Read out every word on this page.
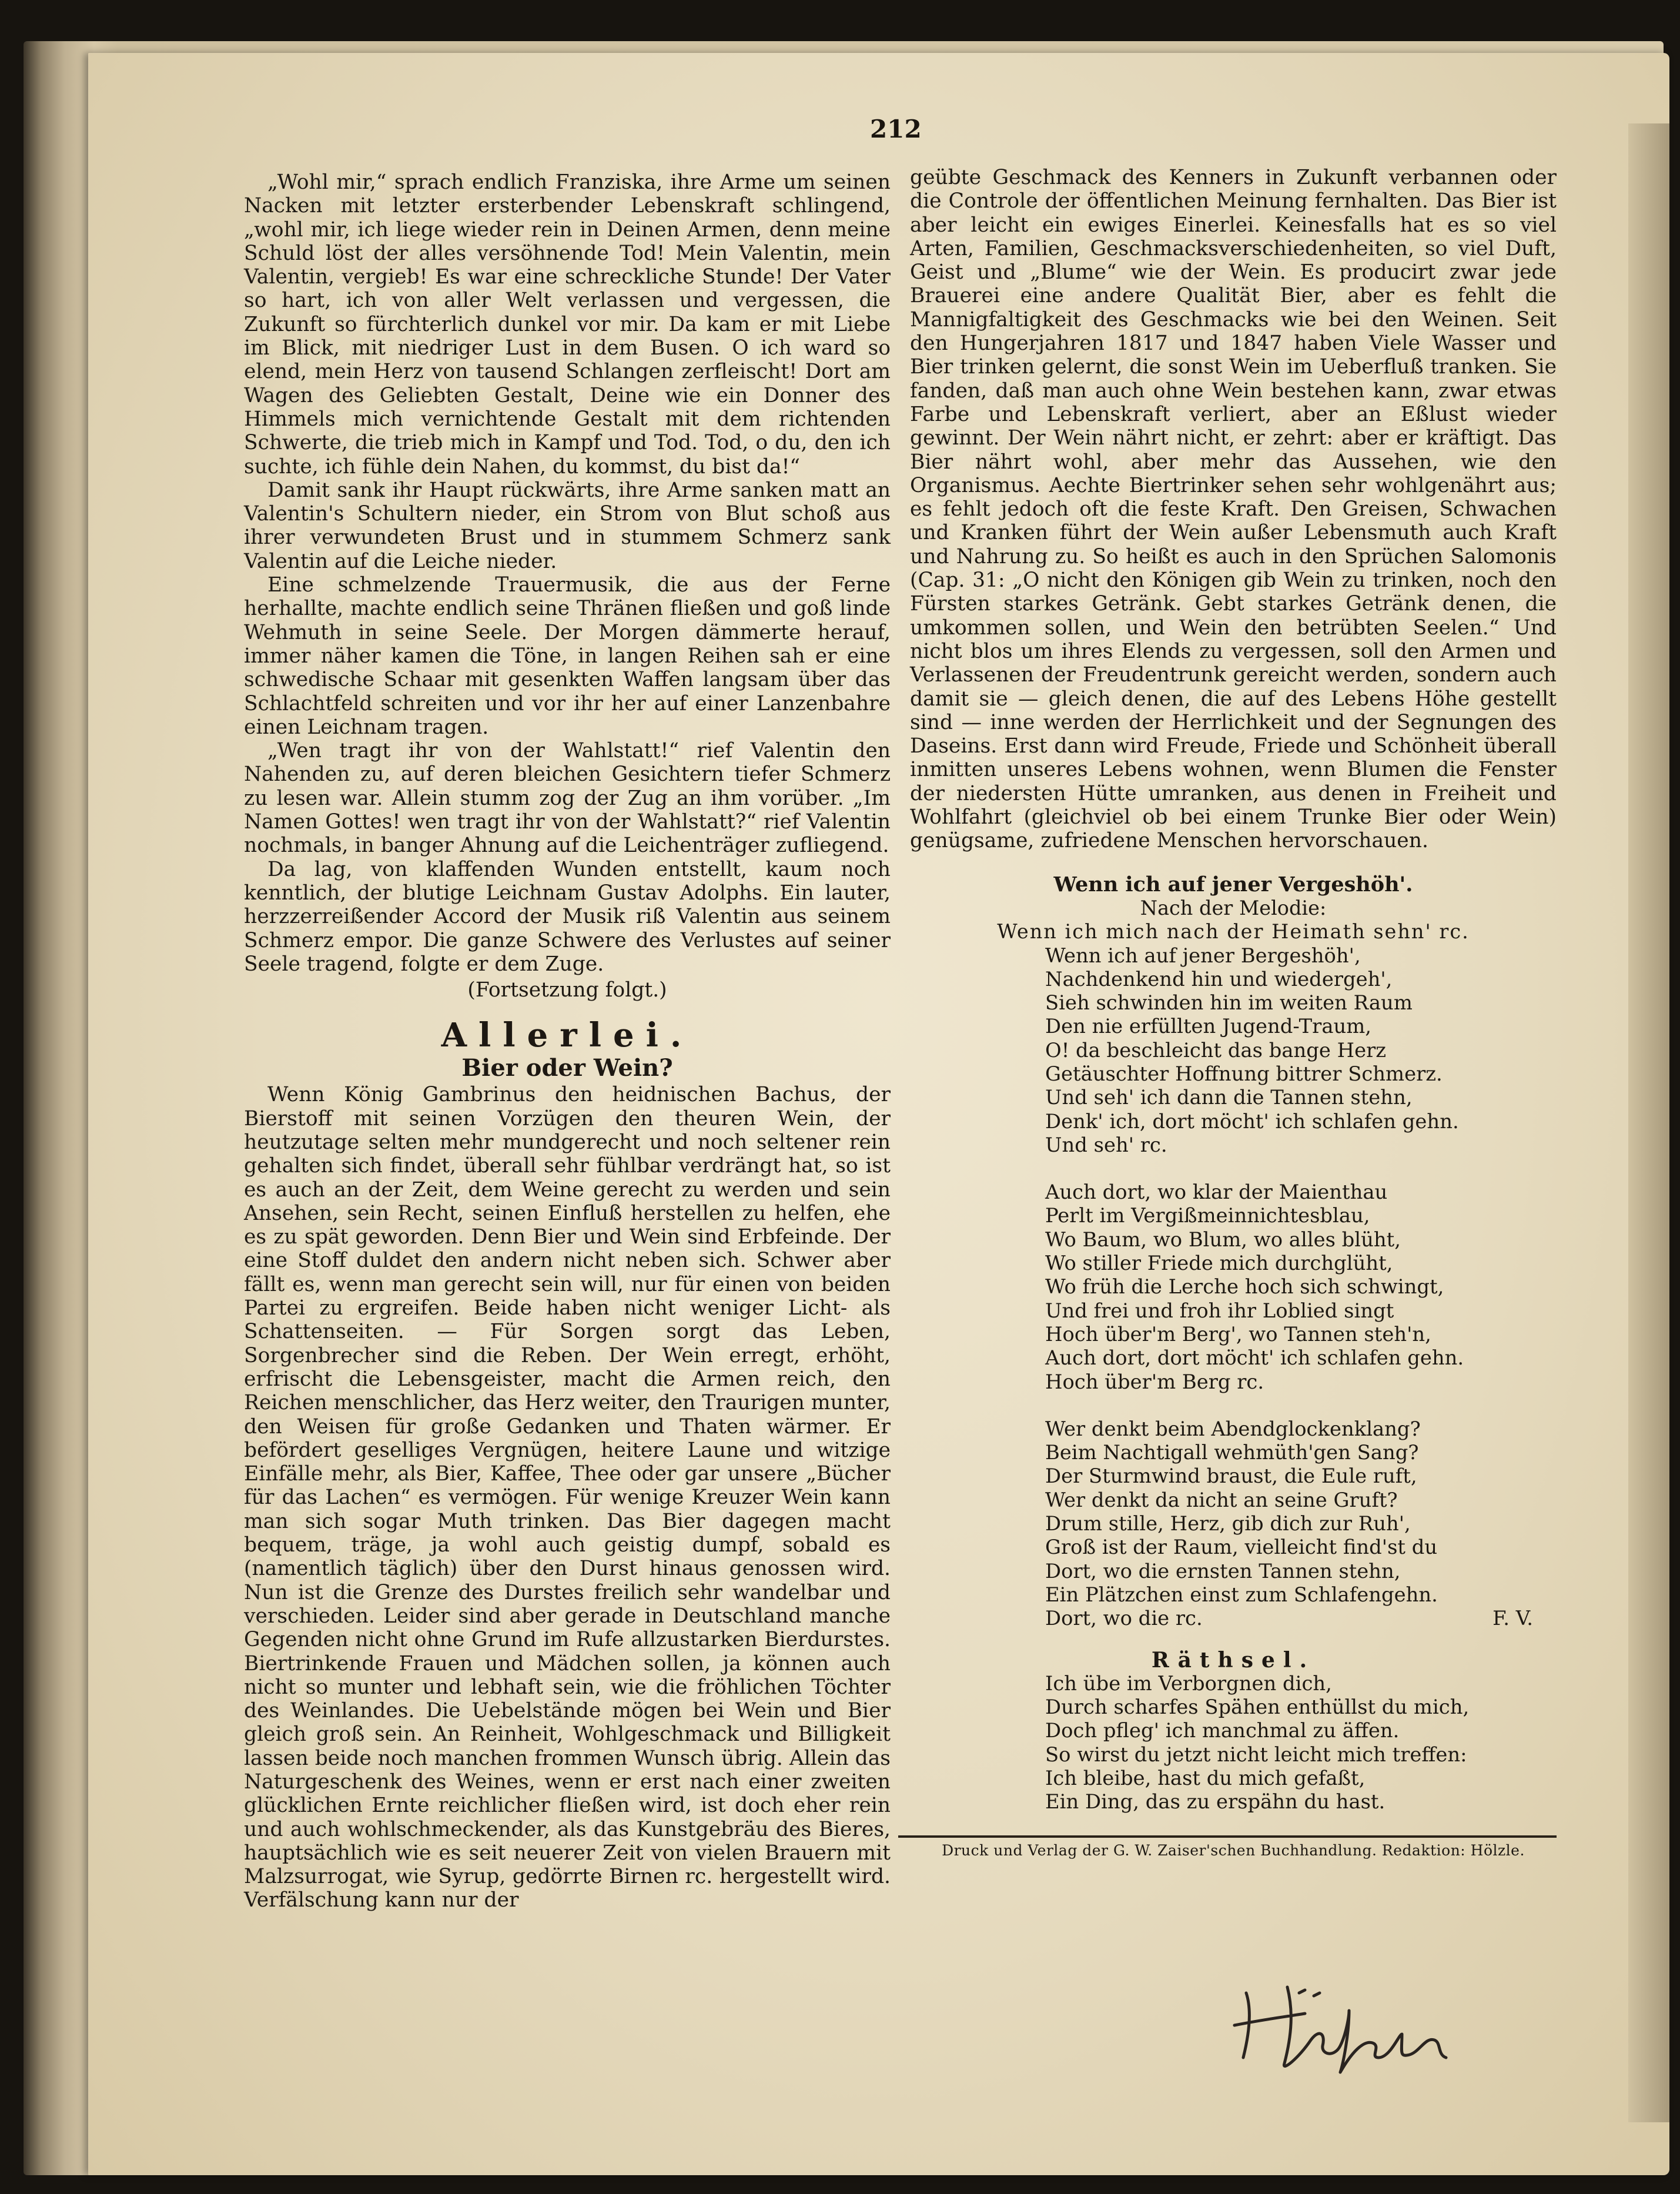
212

„Wohl mir,“ sprach endlich Franziska, ihre Arme um seinen Nacken mit letzter ersterbender Lebenskraft schlingend, „wohl mir, ich liege wieder rein in Deinen Armen, denn meine Schuld löst der alles versöhnende Tod! Mein Valentin, mein Valentin, vergieb! Es war eine schreckliche Stunde! Der Vater so hart, ich von aller Welt verlassen und vergessen, die Zukunft so fürchterlich dunkel vor mir. Da kam er mit Liebe im Blick, mit niedriger Lust in dem Busen. O ich ward so elend, mein Herz von tausend Schlangen zerfleischt! Dort am Wagen des Geliebten Gestalt, Deine wie ein Donner des Himmels mich vernichtende Gestalt mit dem richtenden Schwerte, die trieb mich in Kampf und Tod. Tod, o du, den ich suchte, ich fühle dein Nahen, du kommst, du bist da!“

Damit sank ihr Haupt rückwärts, ihre Arme sanken matt an Valentin's Schultern nieder, ein Strom von Blut schoß aus ihrer verwundeten Brust und in stummem Schmerz sank Valentin auf die Leiche nieder.

Eine schmelzende Trauermusik, die aus der Ferne herhallte, machte endlich seine Thränen fließen und goß linde Wehmuth in seine Seele. Der Morgen dämmerte herauf, immer näher kamen die Töne, in langen Reihen sah er eine schwedische Schaar mit gesenkten Waffen langsam über das Schlachtfeld schreiten und vor ihr her auf einer Lanzenbahre einen Leichnam tragen.

„Wen tragt ihr von der Wahlstatt!“ rief Valentin den Nahenden zu, auf deren bleichen Gesichtern tiefer Schmerz zu lesen war. Allein stumm zog der Zug an ihm vorüber. „Im Namen Gottes! wen tragt ihr von der Wahlstatt?“ rief Valentin nochmals, in banger Ahnung auf die Leichenträger zufliegend.

Da lag, von klaffenden Wunden entstellt, kaum noch kenntlich, der blutige Leichnam Gustav Adolphs. Ein lauter, herzzerreißender Accord der Musik riß Valentin aus seinem Schmerz empor. Die ganze Schwere des Verlustes auf seiner Seele tragend, folgte er dem Zuge.

(Fortsetzung folgt.)

Allerlei.
Bier oder Wein?

Wenn König Gambrinus den heidnischen Bachus, der Bierstoff mit seinen Vorzügen den theuren Wein, der heutzutage selten mehr mundgerecht und noch seltener rein gehalten sich findet, überall sehr fühlbar verdrängt hat, so ist es auch an der Zeit, dem Weine gerecht zu werden und sein Ansehen, sein Recht, seinen Einfluß herstellen zu helfen, ehe es zu spät geworden. Denn Bier und Wein sind Erbfeinde. Der eine Stoff duldet den andern nicht neben sich. Schwer aber fällt es, wenn man gerecht sein will, nur für einen von beiden Partei zu ergreifen. Beide haben nicht weniger Licht- als Schattenseiten. — Für Sorgen sorgt das Leben, Sorgenbrecher sind die Reben. Der Wein erregt, erhöht, erfrischt die Lebensgeister, macht die Armen reich, den Reichen menschlicher, das Herz weiter, den Traurigen munter, den Weisen für große Gedanken und Thaten wärmer. Er befördert geselliges Vergnügen, heitere Laune und witzige Einfälle mehr, als Bier, Kaffee, Thee oder gar unsere „Bücher für das Lachen“ es vermögen. Für wenige Kreuzer Wein kann man sich sogar Muth trinken. Das Bier dagegen macht bequem, träge, ja wohl auch geistig dumpf, sobald es (namentlich täglich) über den Durst hinaus genossen wird. Nun ist die Grenze des Durstes freilich sehr wandelbar und verschieden. Leider sind aber gerade in Deutschland manche Gegenden nicht ohne Grund im Rufe allzustarken Bierdurstes. Biertrinkende Frauen und Mädchen sollen, ja können auch nicht so munter und lebhaft sein, wie die fröhlichen Töchter des Weinlandes. Die Uebelstände mögen bei Wein und Bier gleich groß sein. An Reinheit, Wohlgeschmack und Billigkeit lassen beide noch manchen frommen Wunsch übrig. Allein das Naturgeschenk des Weines, wenn er erst nach einer zweiten glücklichen Ernte reichlicher fließen wird, ist doch eher rein und auch wohlschmeckender, als das Kunstgebräu des Bieres, hauptsächlich wie es seit neuerer Zeit von vielen Brauern mit Malzsurrogat, wie Syrup, gedörrte Birnen rc. hergestellt wird. Verfälschung kann nur der

geübte Geschmack des Kenners in Zukunft verbannen oder die Controle der öffentlichen Meinung fernhalten. Das Bier ist aber leicht ein ewiges Einerlei. Keinesfalls hat es so viel Arten, Familien, Geschmacksverschiedenheiten, so viel Duft, Geist und „Blume“ wie der Wein. Es producirt zwar jede Brauerei eine andere Qualität Bier, aber es fehlt die Mannigfaltigkeit des Geschmacks wie bei den Weinen. Seit den Hungerjahren 1817 und 1847 haben Viele Wasser und Bier trinken gelernt, die sonst Wein im Ueberfluß tranken. Sie fanden, daß man auch ohne Wein bestehen kann, zwar etwas Farbe und Lebenskraft verliert, aber an Eßlust wieder gewinnt. Der Wein nährt nicht, er zehrt: aber er kräftigt. Das Bier nährt wohl, aber mehr das Aussehen, wie den Organismus. Aechte Biertrinker sehen sehr wohlgenährt aus; es fehlt jedoch oft die feste Kraft. Den Greisen, Schwachen und Kranken führt der Wein außer Lebensmuth auch Kraft und Nahrung zu. So heißt es auch in den Sprüchen Salomonis (Cap. 31: „O nicht den Königen gib Wein zu trinken, noch den Fürsten starkes Getränk. Gebt starkes Getränk denen, die umkommen sollen, und Wein den betrübten Seelen.“ Und nicht blos um ihres Elends zu vergessen, soll den Armen und Verlassenen der Freudentrunk gereicht werden, sondern auch damit sie — gleich denen, die auf des Lebens Höhe gestellt sind — inne werden der Herrlichkeit und der Segnungen des Daseins. Erst dann wird Freude, Friede und Schönheit überall inmitten unseres Lebens wohnen, wenn Blumen die Fenster der niedersten Hütte umranken, aus denen in Freiheit und Wohlfahrt (gleichviel ob bei einem Trunke Bier oder Wein) genügsame, zufriedene Menschen hervorschauen.

Wenn ich auf jener Vergeshöh'.
Nach der Melodie:
Wenn ich mich nach der Heimath sehn' rc.
Wenn ich auf jener Bergeshöh',
Nachdenkend hin und wiedergeh',
Sieh schwinden hin im weiten Raum
Den nie erfüllten Jugend-Traum,
O! da beschleicht das bange Herz
Getäuschter Hoffnung bittrer Schmerz.
Und seh' ich dann die Tannen stehn,
Denk' ich, dort möcht' ich schlafen gehn.
Und seh' rc.
Auch dort, wo klar der Maienthau
Perlt im Vergißmeinnichtesblau,
Wo Baum, wo Blum, wo alles blüht,
Wo stiller Friede mich durchglüht,
Wo früh die Lerche hoch sich schwingt,
Und frei und froh ihr Loblied singt
Hoch über'm Berg', wo Tannen steh'n,
Auch dort, dort möcht' ich schlafen gehn.
Hoch über'm Berg rc.
Wer denkt beim Abendglockenklang?
Beim Nachtigall wehmüth'gen Sang?
Der Sturmwind braust, die Eule ruft,
Wer denkt da nicht an seine Gruft?
Drum stille, Herz, gib dich zur Ruh',
Groß ist der Raum, vielleicht find'st du
Dort, wo die ernsten Tannen stehn,
Ein Plätzchen einst zum Schlafengehn.
Dort, wo die rc.	F. V.
Räthsel.
Ich übe im Verborgnen dich,
Durch scharfes Spähen enthüllst du mich,
Doch pfleg' ich manchmal zu äffen.
So wirst du jetzt nicht leicht mich treffen:
Ich bleibe, hast du mich gefaßt,
Ein Ding, das zu erspähn du hast.
Druck und Verlag der G. W. Zaiser'schen Buchhandlung. Redaktion: Hölzle.
